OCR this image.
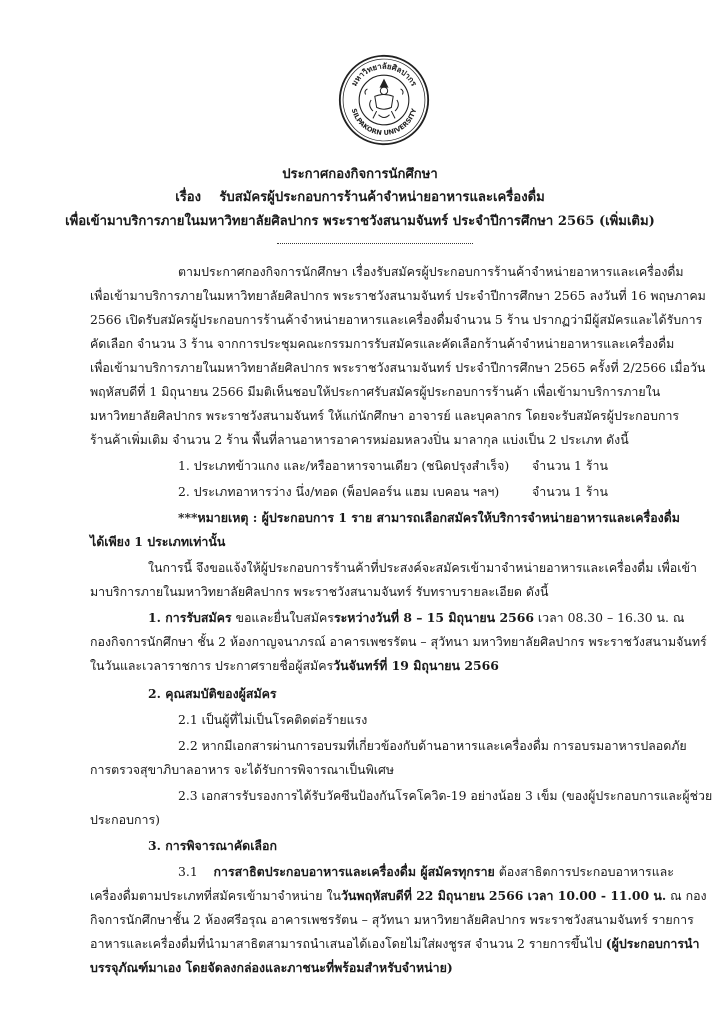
มหาวิทยาลัยศิลปากร
SILPAKORN UNIVERSITY
ประกาศกองกิจการนักศึกษา
เรื่อง รับสมัครผู้ประกอบการร้านค้าจำหน่ายอาหารและเครื่องดื่ม
เพื่อเข้ามาบริการภายในมหาวิทยาลัยศิลปากร พระราชวังสนามจันทร์ ประจำปีการศึกษา 2565 (เพิ่มเติม)
ตามประกาศกองกิจการนักศึกษา เรื่องรับสมัครผู้ประกอบการร้านค้าจำหน่ายอาหารและเครื่องดื่ม
เพื่อเข้ามาบริการภายในมหาวิทยาลัยศิลปากร พระราชวังสนามจันทร์ ประจำปีการศึกษา 2565 ลงวันที่ 16 พฤษภาคม
2566 เปิดรับสมัครผู้ประกอบการร้านค้าจำหน่ายอาหารและเครื่องดื่มจำนวน 5 ร้าน ปรากฏว่ามีผู้สมัครและได้รับการ
คัดเลือก จำนวน 3 ร้าน จากการประชุมคณะกรรมการรับสมัครและคัดเลือกร้านค้าจำหน่ายอาหารและเครื่องดื่ม
เพื่อเข้ามาบริการภายในมหาวิทยาลัยศิลปากร พระราชวังสนามจันทร์ ประจำปีการศึกษา 2565 ครั้งที่ 2/2566 เมื่อวัน
พฤหัสบดีที่ 1 มิถุนายน 2566 มีมติเห็นชอบให้ประกาศรับสมัครผู้ประกอบการร้านค้า เพื่อเข้ามาบริการภายใน
มหาวิทยาลัยศิลปากร พระราชวังสนามจันทร์ ให้แก่นักศึกษา อาจารย์ และบุคลากร โดยจะรับสมัครผู้ประกอบการ
ร้านค้าเพิ่มเติม จำนวน 2 ร้าน พื้นที่ลานอาหารอาคารหม่อมหลวงปิ่น มาลากุล แบ่งเป็น 2 ประเภท ดังนี้
1. ประเภทข้าวแกง และ/หรืออาหารจานเดียว (ชนิดปรุงสำเร็จ) จำนวน 1 ร้าน
2. ประเภทอาหารว่าง นึ่ง/ทอด (พ็อปคอร์น แฮม เบคอน ฯลฯ)	จำนวน 1 ร้าน
***หมายเหตุ : ผู้ประกอบการ 1 ราย สามารถเลือกสมัครให้บริการจำหน่ายอาหารและเครื่องดื่ม
ได้เพียง 1 ประเภทเท่านั้น
ในการนี้ จึงขอแจ้งให้ผู้ประกอบการร้านค้าที่ประสงค์จะสมัครเข้ามาจำหน่ายอาหารและเครื่องดื่ม เพื่อเข้า
มาบริการภายในมหาวิทยาลัยศิลปากร พระราชวังสนามจันทร์ รับทราบรายละเอียด ดังนี้
1. การรับสมัคร ขอและยื่นใบสมัครระหว่างวันที่ 8 – 15 มิถุนายน 2566 เวลา 08.30 – 16.30 น. ณ
กองกิจการนักศึกษา ชั้น 2 ห้องกาญจนาภรณ์ อาคารเพชรรัตน – สุวัทนา มหาวิทยาลัยศิลปากร พระราชวังสนามจันทร์
ในวันและเวลาราชการ ประกาศรายชื่อผู้สมัครวันจันทร์ที่ 19 มิถุนายน 2566
2. คุณสมบัติของผู้สมัคร
2.1 เป็นผู้ที่ไม่เป็นโรคติดต่อร้ายแรง
2.2 หากมีเอกสารผ่านการอบรมที่เกี่ยวข้องกับด้านอาหารและเครื่องดื่ม การอบรมอาหารปลอดภัย
การตรวจสุขาภิบาลอาหาร จะได้รับการพิจารณาเป็นพิเศษ
2.3 เอกสารรับรองการได้รับวัคซีนป้องกันโรคโควิด-19 อย่างน้อย 3 เข็ม (ของผู้ประกอบการและผู้ช่วย
ประกอบการ)
3. การพิจารณาคัดเลือก
3.1 การสาธิตประกอบอาหารและเครื่องดื่ม ผู้สมัครทุกราย ต้องสาธิตการประกอบอาหารและ
เครื่องดื่มตามประเภทที่สมัครเข้ามาจำหน่าย ในวันพฤหัสบดีที่ 22 มิถุนายน 2566 เวลา 10.00 - 11.00 น. ณ กอง
กิจการนักศึกษาชั้น 2 ห้องศรีอรุณ อาคารเพชรรัตน – สุวัทนา มหาวิทยาลัยศิลปากร พระราชวังสนามจันทร์ รายการ
อาหารและเครื่องดื่มที่นำมาสาธิตสามารถนำเสนอได้เองโดยไม่ใส่ผงชูรส จำนวน 2 รายการขึ้นไป (ผู้ประกอบการนำ
บรรจุภัณฑ์มาเอง โดยจัดลงกล่องและภาชนะที่พร้อมสำหรับจำหน่าย)
